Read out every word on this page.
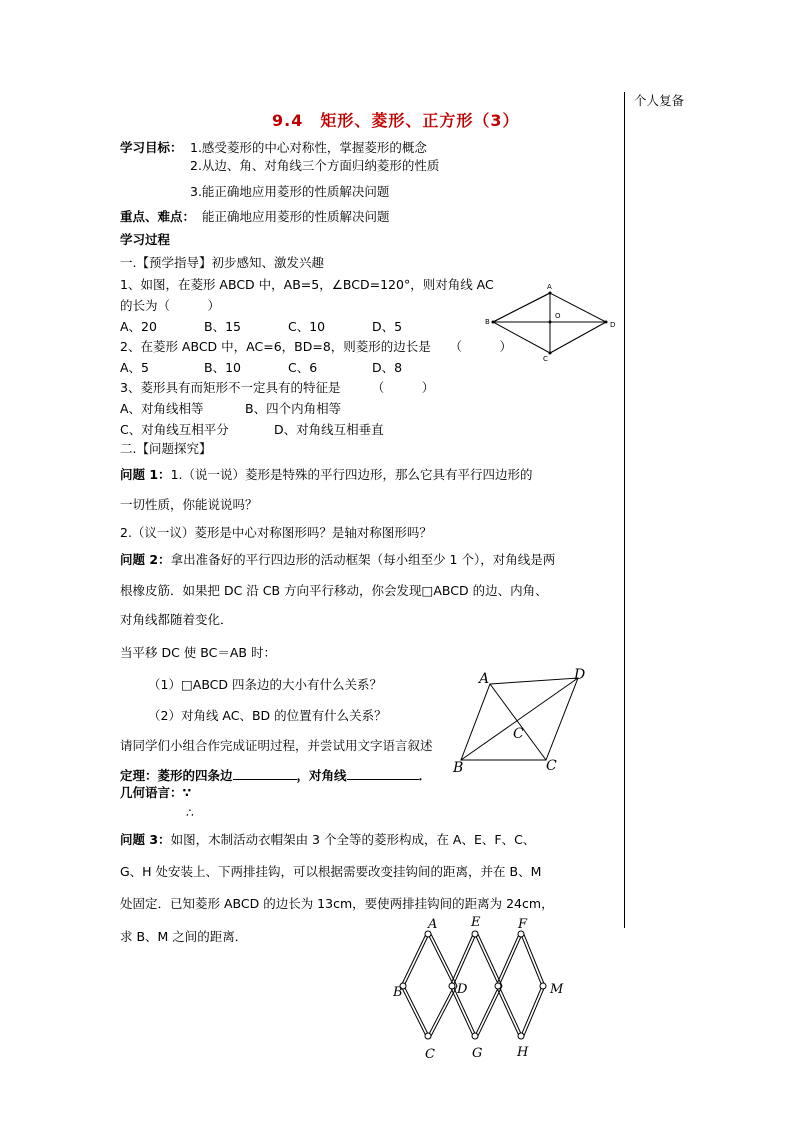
个人复备
9.4　矩形、菱形、正方形（3）
学习目标： 1.感受菱形的中心对称性，掌握菱形的概念
2.从边、角、对角线三个方面归纳菱形的性质
3.能正确地应用菱形的性质解决问题
重点、难点： 能正确地应用菱形的性质解决问题
学习过程
一.【预学指导】初步感知、激发兴趣
1、如图，在菱形 ABCD 中，AB=5，∠BCD=120°，则对角线 AC
的长为（　　　）
A、20	B、15	C、10	D、5
2、在菱形 ABCD 中，AC=6，BD=8，则菱形的边长是　　（　　　）
A、5	B、10	C、6	D、8
3、菱形具有而矩形不一定具有的特征是　　　（　　　）
A、对角线相等	B、四个内角相等
C、对角线互相平分	D、对角线互相垂直
二.【问题探究】
问题 1：1.（说一说）菱形是特殊的平行四边形，那么它具有平行四边形的
一切性质，你能说说吗？
2.（议一议）菱形是中心对称图形吗？是轴对称图形吗？
问题 2：拿出准备好的平行四边形的活动框架（每小组至少 1 个），对角线是两
根橡皮筋．如果把 DC 沿 CB 方向平行移动，你会发现□ABCD 的边、内角、
对角线都随着变化．
当平移 DC 使 BC＝AB 时：
（1）□ABCD 四条边的大小有什么关系？
（2）对角线 AC、BD 的位置有什么关系？
请同学们小组合作完成证明过程，并尝试用文字语言叙述
定理：菱形的四条边	，对角线	．
几何语言：∵
∴
问题 3：如图，木制活动衣帽架由 3 个全等的菱形构成，在 A、E、F、C、
G、H 处安装上、下两排挂钩，可以根据需要改变挂钩间的距离，并在 B、M
处固定．已知菱形 ABCD 的边长为 13cm，要使两排挂钩间的距离为 24cm，
求 B、M 之间的距离．
A
B
O
D
C
A	D
C
B	C
A	E	F
B	D	M
C	G	H
